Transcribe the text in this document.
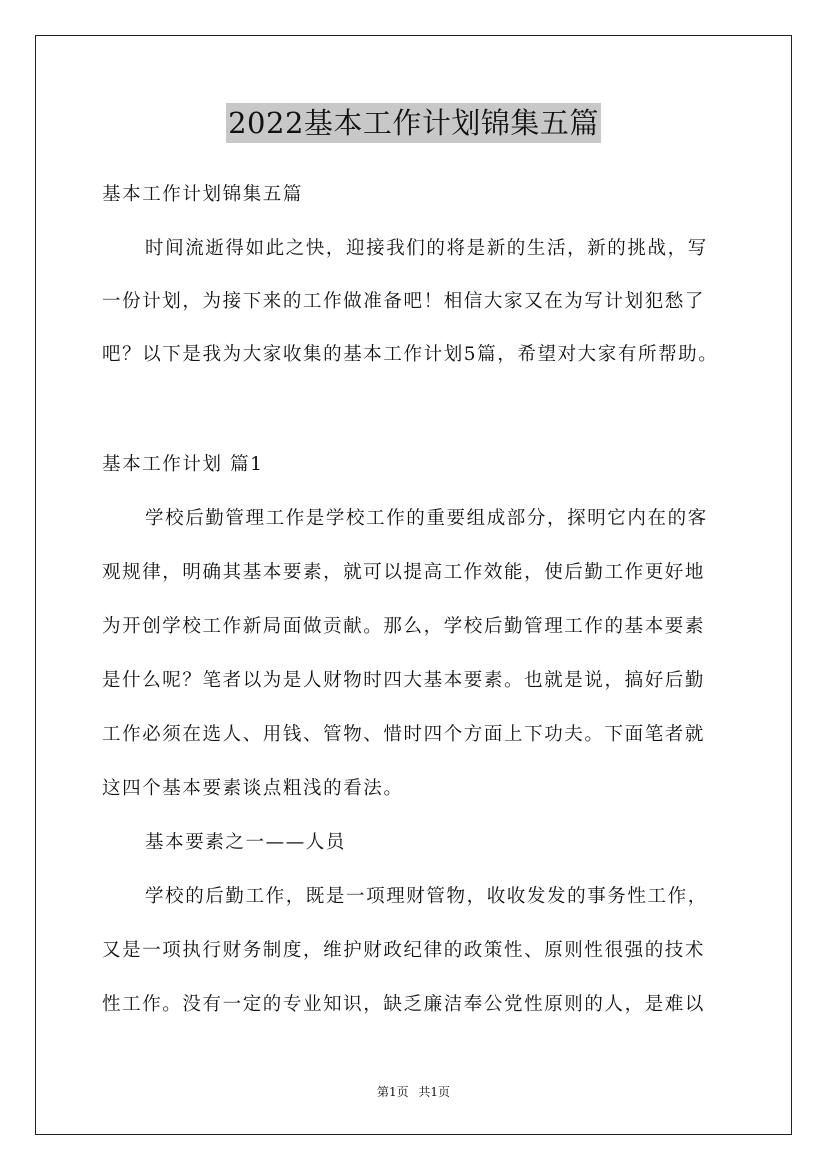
2022基本工作计划锦集五篇
基本工作计划锦集五篇
时间流逝得如此之快，迎接我们的将是新的生活，新的挑战，写
一份计划，为接下来的工作做准备吧！相信大家又在为写计划犯愁了
吧？以下是我为大家收集的基本工作计划5篇，希望对大家有所帮助。
基本工作计划 篇1
学校后勤管理工作是学校工作的重要组成部分，探明它内在的客
观规律，明确其基本要素，就可以提高工作效能，使后勤工作更好地
为开创学校工作新局面做贡献。那么，学校后勤管理工作的基本要素
是什么呢？笔者以为是人财物时四大基本要素。也就是说，搞好后勤
工作必须在选人、用钱、管物、惜时四个方面上下功夫。下面笔者就
这四个基本要素谈点粗浅的看法。
基本要素之一——人员
学校的后勤工作，既是一项理财管物，收收发发的事务性工作，
又是一项执行财务制度，维护财政纪律的政策性、原则性很强的技术
性工作。没有一定的专业知识，缺乏廉洁奉公党性原则的人，是难以
第1页 共1页
